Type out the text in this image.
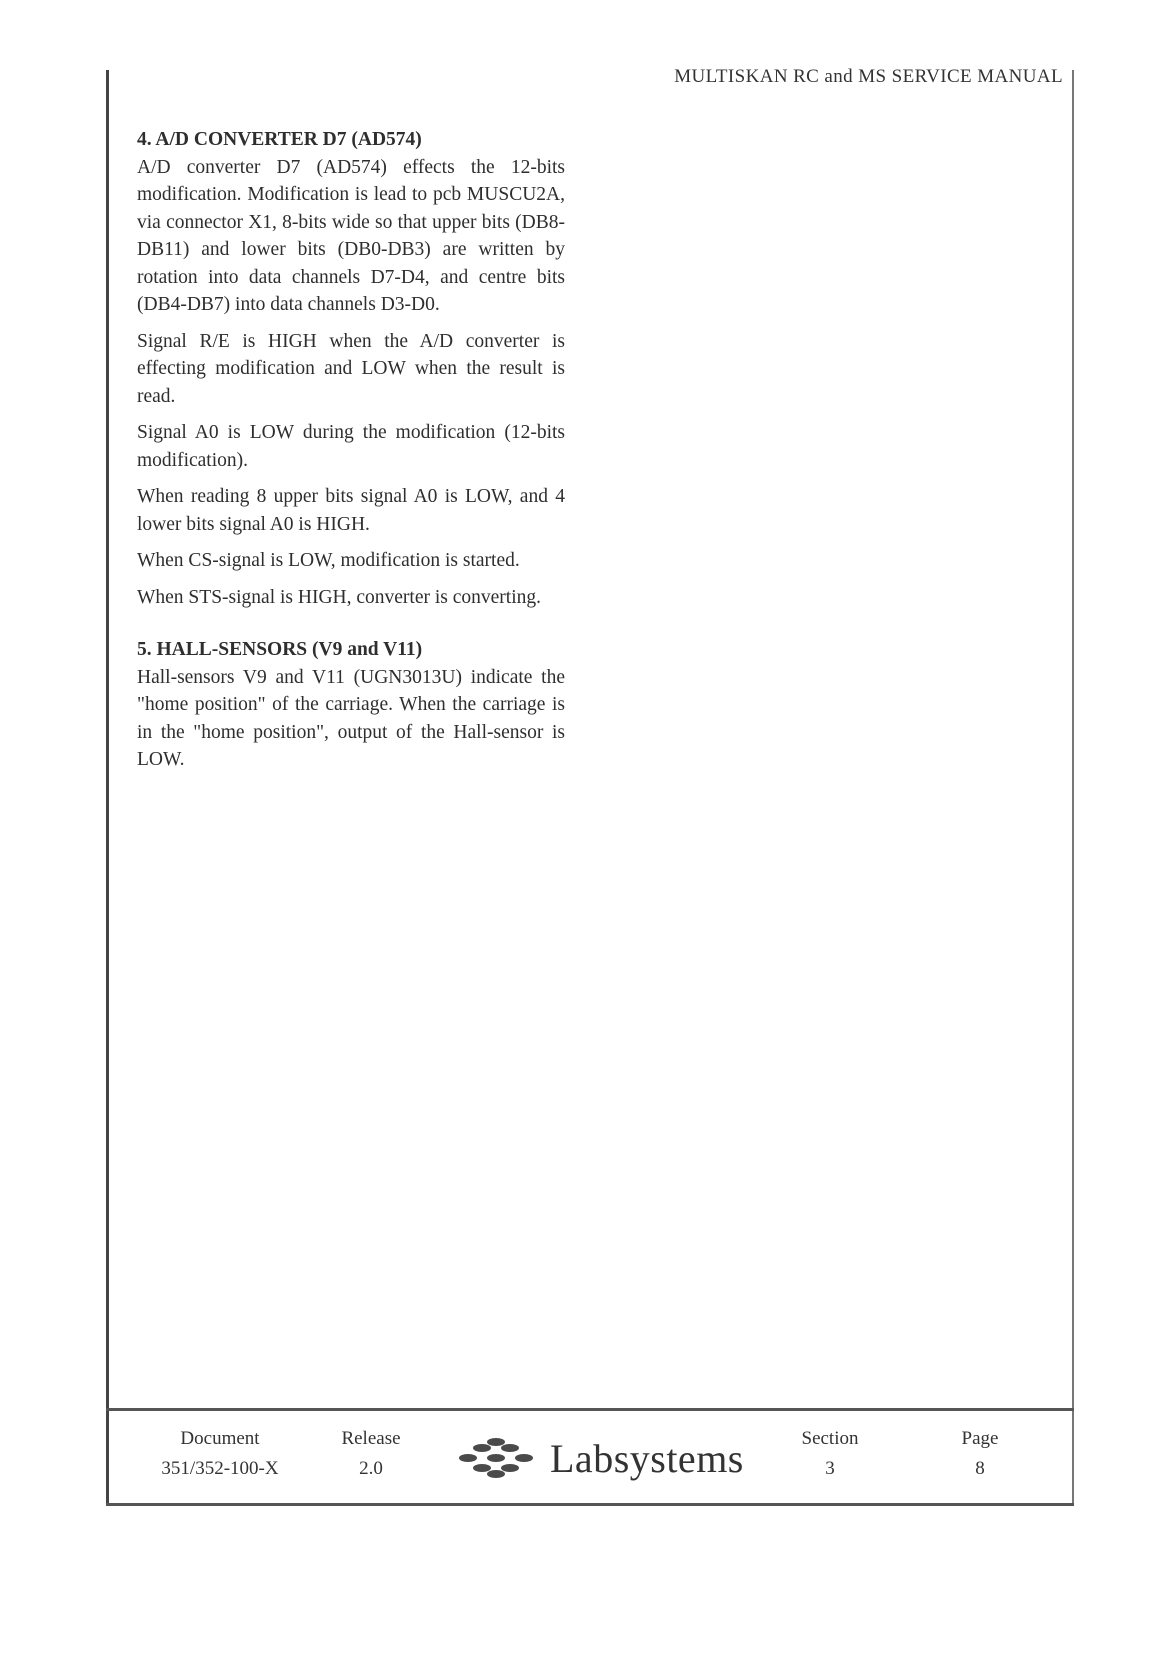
MULTISKAN RC and MS SERVICE MANUAL
4. A/D CONVERTER D7 (AD574)

A/D converter D7 (AD574) effects the 12-bits modification. Modification is lead to pcb MUSCU2A, via connector X1, 8-bits wide so that upper bits (DB8-DB11) and lower bits (DB0-DB3) are written by rotation into data channels D7-D4, and centre bits (DB4-DB7) into data channels D3-D0.

Signal R/E is HIGH when the A/D converter is effecting modification and LOW when the result is read.

Signal A0 is LOW during the modification (12-bits modification).

When reading 8 upper bits signal A0 is LOW, and 4 lower bits signal A0 is HIGH.

When CS-signal is LOW, modification is started.

When STS-signal is HIGH, converter is converting.

5. HALL-SENSORS (V9 and V11)

Hall-sensors V9 and V11 (UGN3013U) indicate the "home position" of the carriage. When the carriage is in the "home position", output of the Hall-sensor is LOW.

Document
351/352-100-X
Release
2.0	Labsystems	Section
3
Page
8
